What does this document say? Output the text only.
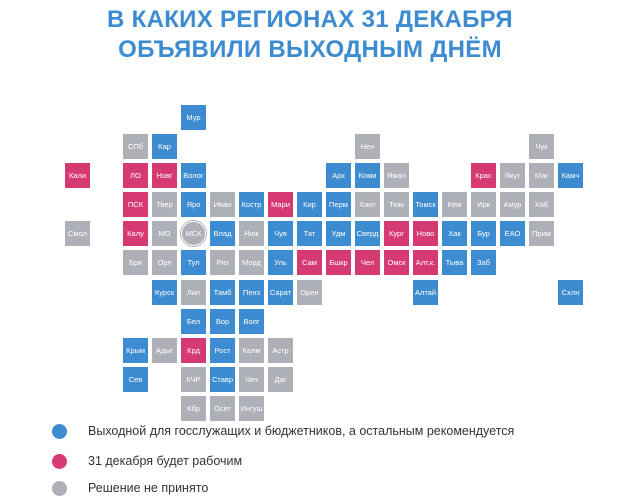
В КАКИХ РЕГИОНАХ 31 ДЕКАБРЯ
ОБЪЯВИЛИ ВЫХОДНЫМ ДНЁМ
Мур
СПб	Кар	Нен	Чук
Кали	ЛО	Новг	Волог	Арх	Коми	Ямал	Крас	Якут	Маг	Камч
ПСК	Твер	Яро	Иван	Костр	Мари	Кир	Перм	Хант	Тюм	Томск	Кем	Ирк	Амур	Хаб
Смол	Калу	МО	МСК	Влад	Ниж	Чув	Тат	Удм	Сверд	Кург	Ново	Хак	Бур	ЕАО	Прим
Бря	Орл	Тул	Ряз	Морд	Уль	Сам	Бшкр	Чел	Омск	Алт.к.	Тыва	Заб
Курск	Лип	Тамб	Пенз	Сарат	Орен	Алтай	Схлн
Бел	Вор	Волг
Крым	Адыг	Крд	Рост	Калм	Астр
Сев	КЧР	Ставр	Чеч	Даг
Кбр	Осет	Ингуш
Выходной для госслужащих и бюджетников, а остальным рекомендуется
31 декабря будет рабочим
Решение не принято
